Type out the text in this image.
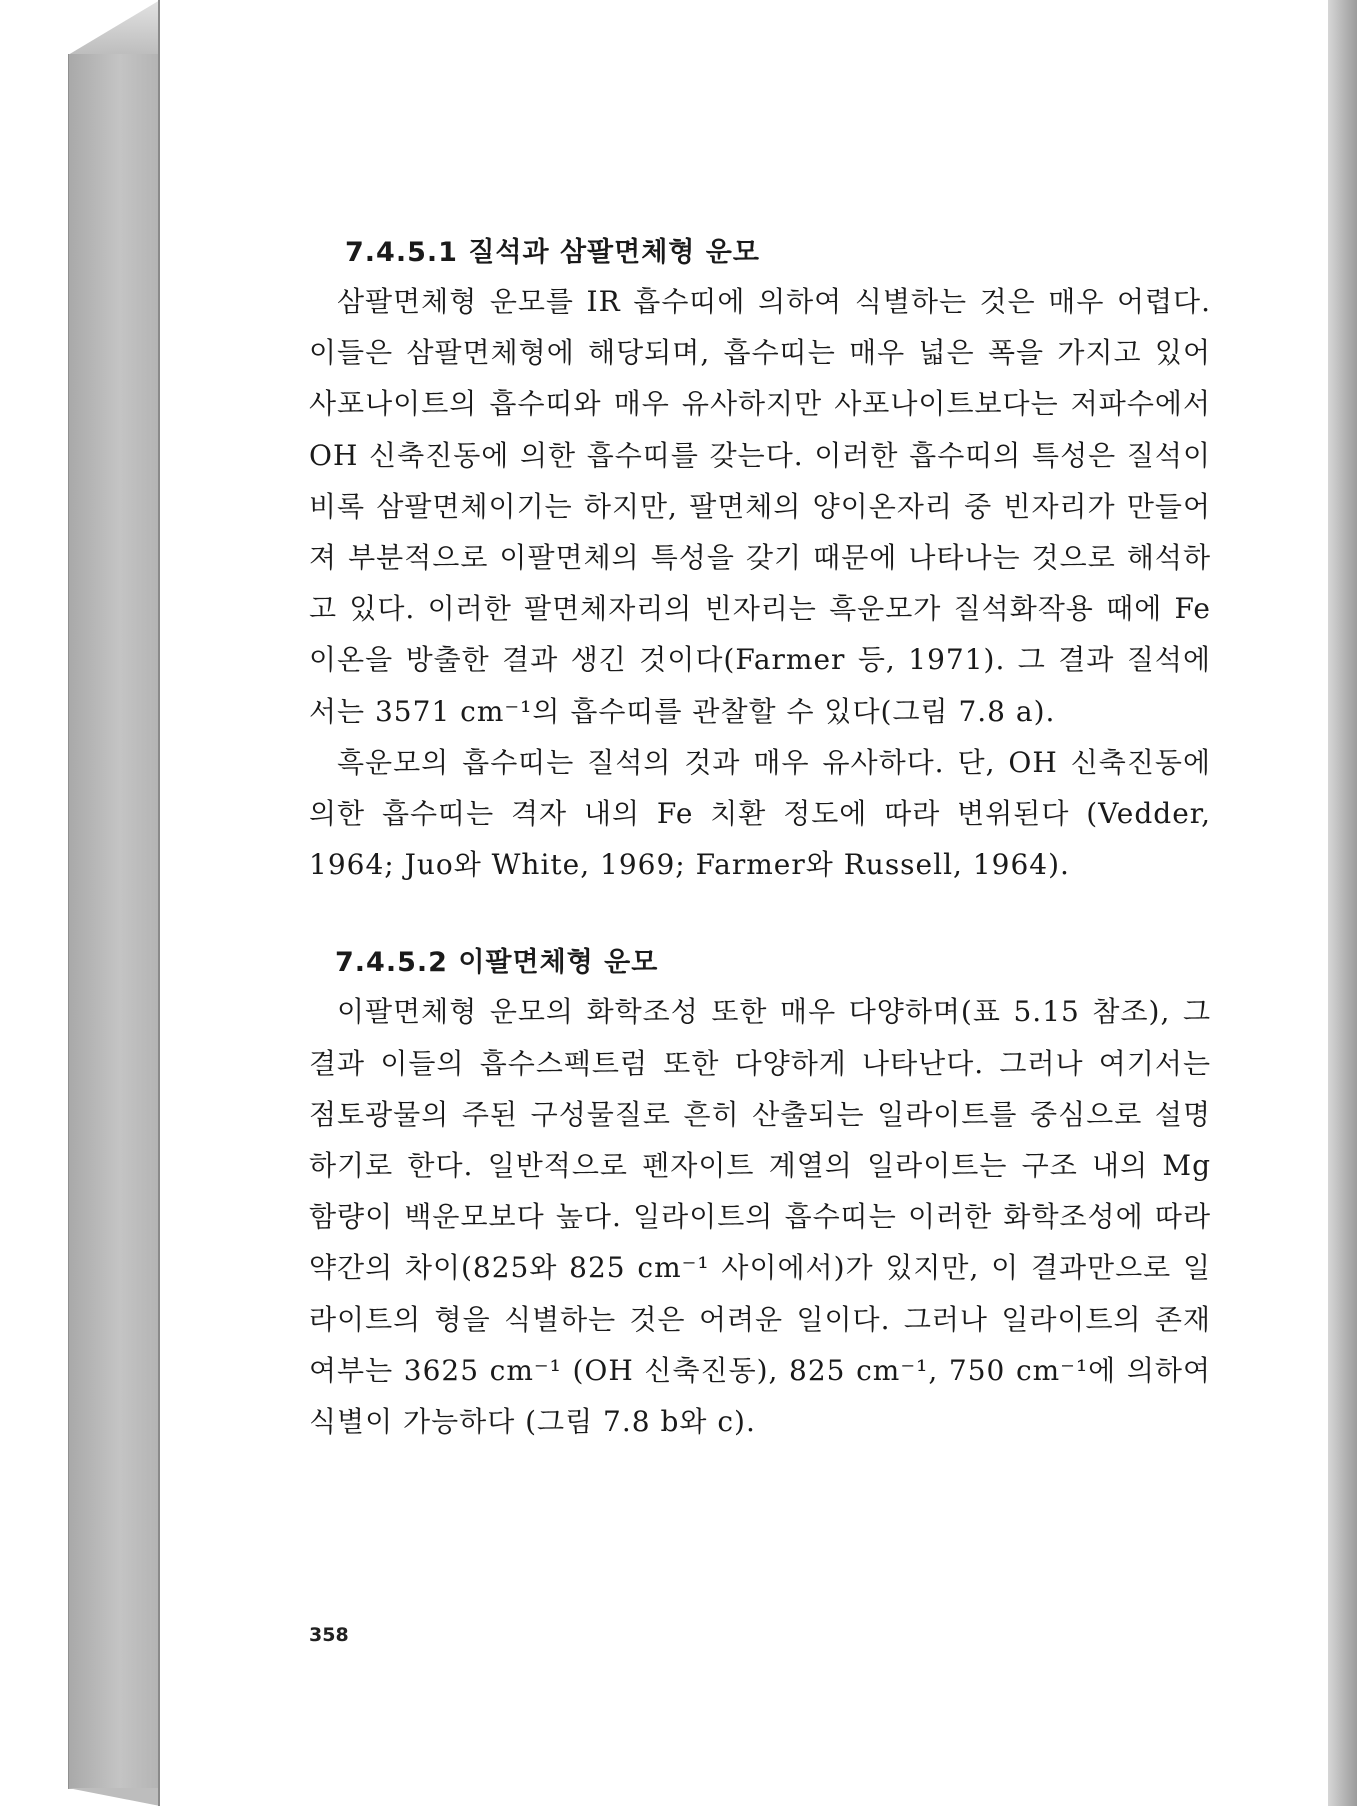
7.4.5.1 질석과 삼팔면체형 운모

삼팔면체형 운모를 IR 흡수띠에 의하여 식별하는 것은 매우 어렵다. 이들은 삼팔면체형에 해당되며, 흡수띠는 매우 넓은 폭을 가지고 있어 사포나이트의 흡수띠와 매우 유사하지만 사포나이트보다는 저파수에서 OH 신축진동에 의한 흡수띠를 갖는다. 이러한 흡수띠의 특성은 질석이 비록 삼팔면체이기는 하지만, 팔면체의 양이온자리 중 빈자리가 만들어져 부분적으로 이팔면체의 특성을 갖기 때문에 나타나는 것으로 해석하고 있다. 이러한 팔면체자리의 빈자리는 흑운모가 질석화작용 때에 Fe이온을 방출한 결과 생긴 것이다(Farmer 등, 1971). 그 결과 질석에서는 3571 cm⁻¹의 흡수띠를 관찰할 수 있다(그림 7.8 a).

흑운모의 흡수띠는 질석의 것과 매우 유사하다. 단, OH 신축진동에 의한 흡수띠는 격자 내의 Fe 치환 정도에 따라 변위된다 (Vedder, 1964; Juo와 White, 1969; Farmer와 Russell, 1964).

7.4.5.2 이팔면체형 운모

이팔면체형 운모의 화학조성 또한 매우 다양하며(표 5.15 참조), 그 결과 이들의 흡수스펙트럼 또한 다양하게 나타난다. 그러나 여기서는 점토광물의 주된 구성물질로 흔히 산출되는 일라이트를 중심으로 설명하기로 한다. 일반적으로 펜자이트 계열의 일라이트는 구조 내의 Mg 함량이 백운모보다 높다. 일라이트의 흡수띠는 이러한 화학조성에 따라 약간의 차이(825와 825 cm⁻¹ 사이에서)가 있지만, 이 결과만으로 일라이트의 형을 식별하는 것은 어려운 일이다. 그러나 일라이트의 존재 여부는 3625 cm⁻¹ (OH 신축진동), 825 cm⁻¹, 750 cm⁻¹에 의하여 식별이 가능하다 (그림 7.8 b와 c).

358
